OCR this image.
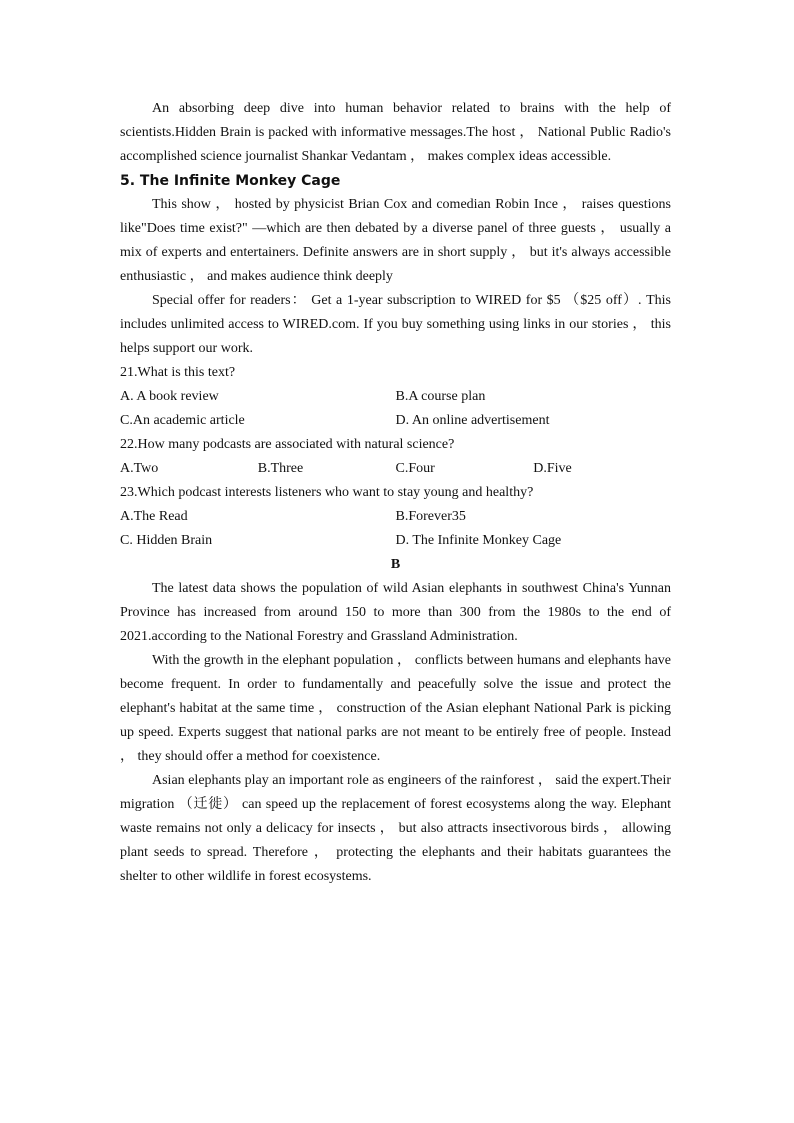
An absorbing deep dive into human behavior related to brains with the help of scientists.Hidden Brain is packed with informative messages.The host ， National Public Radio's accomplished science journalist Shankar Vedantam ， makes complex ideas accessible.

5. The Infinite Monkey Cage

This show ， hosted by physicist Brian Cox and comedian Robin Ince ， raises questions like"Does time exist?" —which are then debated by a diverse panel of three guests ， usually a mix of experts and entertainers. Definite answers are in short supply ， but it's always accessible enthusiastic ， and makes audience think deeply

Special offer for readers： Get a 1-year subscription to WIRED for $5 （$25 off）. This includes unlimited access to WIRED.com. If you buy something using links in our stories ， this helps support our work.

21.What is this text?

A. A book review	B.A course plan
C.An academic article	D. An online advertisement

22.How many podcasts are associated with natural science?

A.Two	B.Three	C.Four	D.Five

23.Which podcast interests listeners who want to stay young and healthy?

A.The Read	B.Forever35
C. Hidden Brain	D. The Infinite Monkey Cage

B

The latest data shows the population of wild Asian elephants in southwest China's Yunnan Province has increased from around 150 to more than 300 from the 1980s to the end of 2021.according to the National Forestry and Grassland Administration.

With the growth in the elephant population ， conflicts between humans and elephants have become frequent. In order to fundamentally and peacefully solve the issue and protect the elephant's habitat at the same time ， construction of the Asian elephant National Park is picking up speed. Experts suggest that national parks are not meant to be entirely free of people. Instead ， they should offer a method for coexistence.

Asian elephants play an important role as engineers of the rainforest ， said the expert.Their migration （迁徙） can speed up the replacement of forest ecosystems along the way. Elephant waste remains not only a delicacy for insects ， but also attracts insectivorous birds ， allowing plant seeds to spread. Therefore ， protecting the elephants and their habitats guarantees the shelter to other wildlife in forest ecosystems.
